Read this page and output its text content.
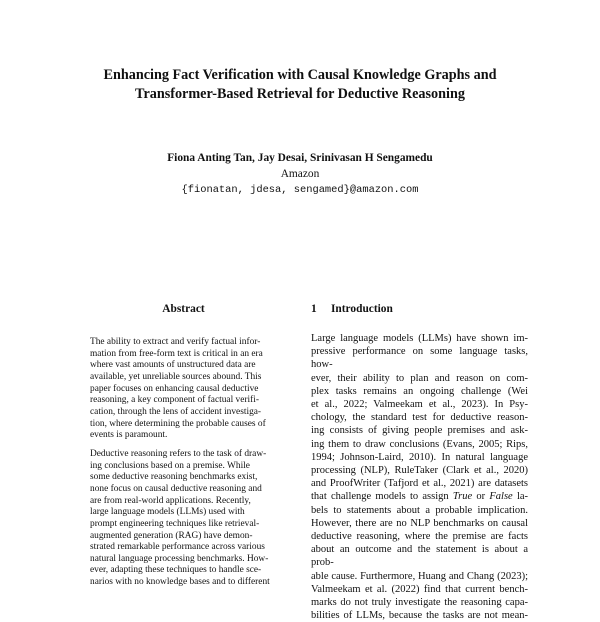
Enhancing Fact Verification with Causal Knowledge Graphs and
Transformer-Based Retrieval for Deductive Reasoning
Fiona Anting Tan, Jay Desai, Srinivasan H Sengamedu
Amazon
{fionatan, jdesa, sengamed}@amazon.com
Abstract

The ability to extract and verify factual infor-
mation from free-form text is critical in an era
where vast amounts of unstructured data are
available, yet unreliable sources abound. This
paper focuses on enhancing causal deductive
reasoning, a key component of factual verifi-
cation, through the lens of accident investiga-
tion, where determining the probable causes of
events is paramount.

Deductive reasoning refers to the task of draw-
ing conclusions based on a premise. While
some deductive reasoning benchmarks exist,
none focus on causal deductive reasoning and
are from real-world applications. Recently,
large language models (LLMs) used with
prompt engineering techniques like retrieval-
augmented generation (RAG) have demon-
strated remarkable performance across various
natural language processing benchmarks. How-
ever, adapting these techniques to handle sce-
narios with no knowledge bases and to different

1 Introduction
Large language models (LLMs) have shown im-
pressive performance on some language tasks, how-
ever, their ability to plan and reason on com-
plex tasks remains an ongoing challenge (Wei
et al., 2022; Valmeekam et al., 2023). In Psy-
chology, the standard test for deductive reason-
ing consists of giving people premises and ask-
ing them to draw conclusions (Evans, 2005; Rips,
1994; Johnson-Laird, 2010). In natural language
processing (NLP), RuleTaker (Clark et al., 2020)
and ProofWriter (Tafjord et al., 2021) are datasets
that challenge models to assign True or False la-
bels to statements about a probable implication.
However, there are no NLP benchmarks on causal
deductive reasoning, where the premise are facts
about an outcome and the statement is about a prob-
able cause. Furthermore, Huang and Chang (2023);
Valmeekam et al. (2022) find that current bench-
marks do not truly investigate the reasoning capa-
bilities of LLMs, because the tasks are not mean-
